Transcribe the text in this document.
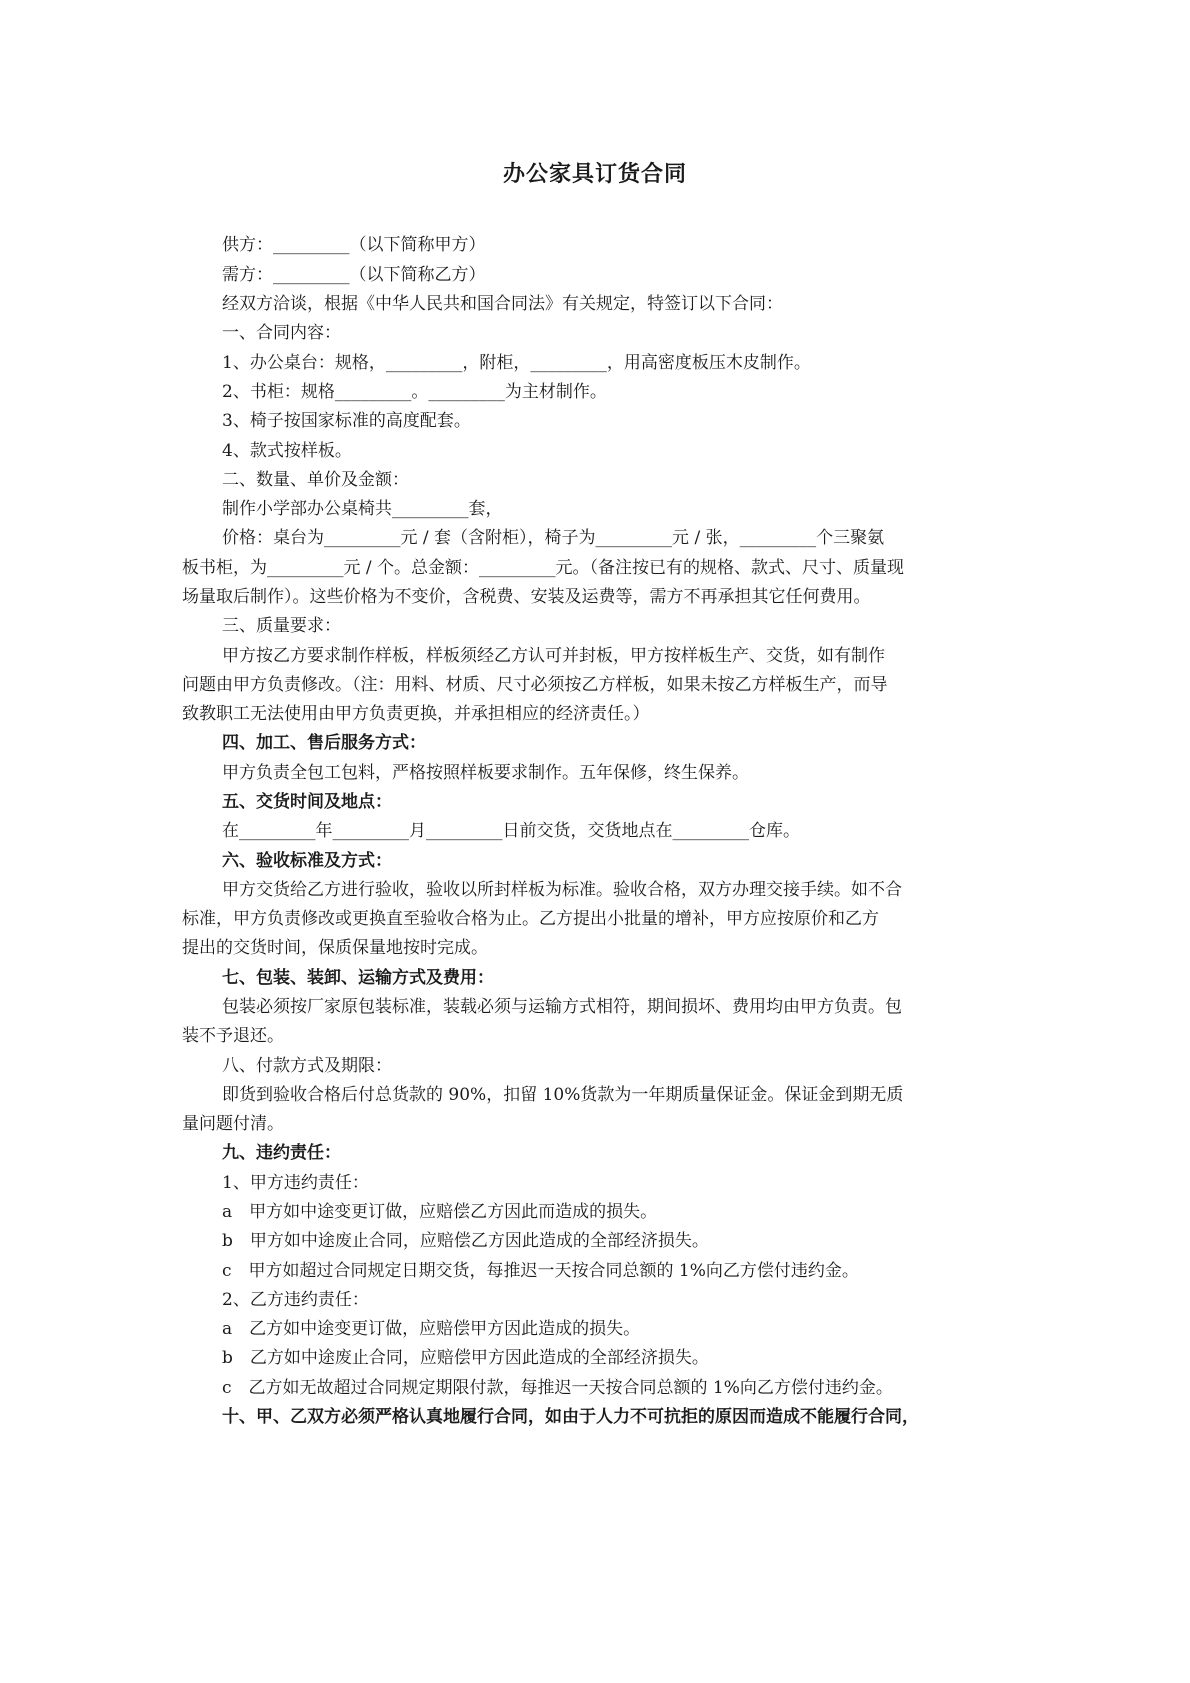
办公家具订货合同
供方：_________（以下简称甲方）
需方：_________（以下简称乙方）
经双方洽谈，根据《中华人民共和国合同法》有关规定，特签订以下合同：
一、合同内容：
1、办公桌台：规格，_________，附柜，_________，用高密度板压木皮制作。
2、书柜：规格_________。_________为主材制作。
3、椅子按国家标准的高度配套。
4、款式按样板。
二、数量、单价及金额：
制作小学部办公桌椅共_________套，
价格：桌台为_________元 / 套（含附柜），椅子为_________元 / 张，_________个三聚氨
板书柜，为_________元 / 个。总金额：_________元。（备注按已有的规格、款式、尺寸、质量现
场量取后制作）。这些价格为不变价，含税费、安装及运费等，需方不再承担其它任何费用。
三、质量要求：
甲方按乙方要求制作样板，样板须经乙方认可并封板，甲方按样板生产、交货，如有制作
问题由甲方负责修改。（注：用料、材质、尺寸必须按乙方样板，如果未按乙方样板生产，而导
致教职工无法使用由甲方负责更换，并承担相应的经济责任。）
四、加工、售后服务方式：
甲方负责全包工包料，严格按照样板要求制作。五年保修，终生保养。
五、交货时间及地点：
在_________年_________月_________日前交货，交货地点在_________仓库。
六、验收标准及方式：
甲方交货给乙方进行验收，验收以所封样板为标准。验收合格，双方办理交接手续。如不合
标准，甲方负责修改或更换直至验收合格为止。乙方提出小批量的增补，甲方应按原价和乙方
提出的交货时间，保质保量地按时完成。
七、包装、装卸、运输方式及费用：
包装必须按厂家原包装标准，装载必须与运输方式相符，期间损坏、费用均由甲方负责。包
装不予退还。
八、付款方式及期限：
即货到验收合格后付总货款的 90%，扣留 10%货款为一年期质量保证金。保证金到期无质
量问题付清。
九、违约责任：
1、甲方违约责任：
a　甲方如中途变更订做，应赔偿乙方因此而造成的损失。
b　甲方如中途废止合同，应赔偿乙方因此造成的全部经济损失。
c　甲方如超过合同规定日期交货，每推迟一天按合同总额的 1%向乙方偿付违约金。
2、乙方违约责任：
a　乙方如中途变更订做，应赔偿甲方因此造成的损失。
b　乙方如中途废止合同，应赔偿甲方因此造成的全部经济损失。
c　乙方如无故超过合同规定期限付款，每推迟一天按合同总额的 1%向乙方偿付违约金。
十、甲、乙双方必须严格认真地履行合同，如由于人力不可抗拒的原因而造成不能履行合同，
